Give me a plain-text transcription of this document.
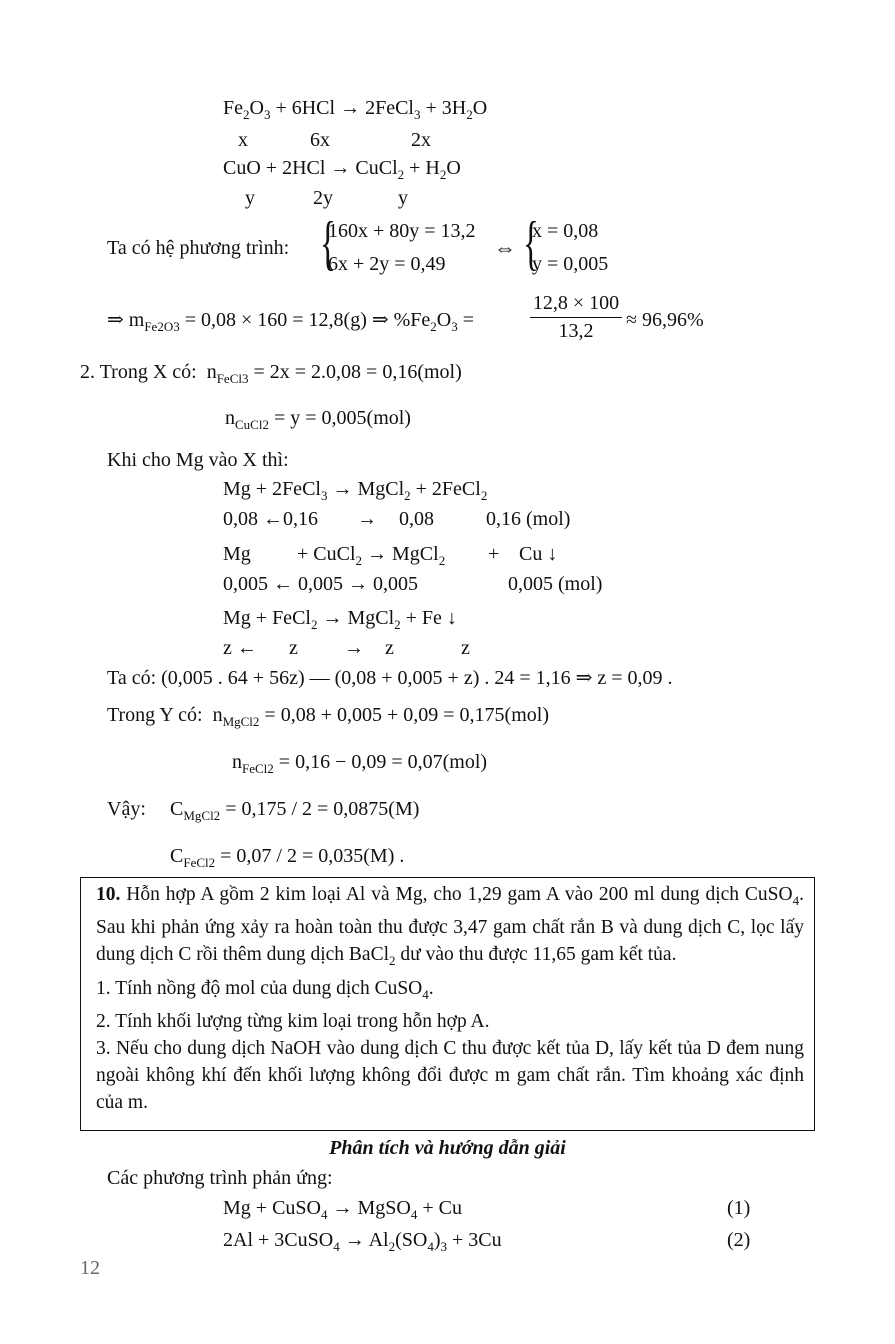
$Fe_2O_3 + 6HCl$ → 2FeCl$_3$ + $3H_2O$
x	6x	2x
CuO + 2HCl → CuCl$_2$ + $H_2O$
y	2y	y
Ta có hệ phương trình: {
160x + 80y = 13,2
6x + 2y = 0,49
⇔ {
x = 0,08
y = 0,005
⇒ $m_{Fe2O3} = 0,08 \times 160 = 12,8(g)$ ⇒ $\%Fe_2O_3$ =
12,8 × 100
13,2	≈ 96,96%
2. Trong X có: $n_{FeCl3} = 2x = 2.0,08 = 0,16(mol)$
$n_{CuCl2} = y = 0,005(mol)$
Khi cho Mg vào X thì:
Mg + 2FeCl$_3$ → MgCl$_2$ + 2FeCl$_2$
0,08 ←0,16 → 0,08	0,16 (mol)
Mg + CuCl$_2$ → MgCl$_2$ + Cu ↓
0,005 ← 0,005 → 0,005	0,005 (mol)
Mg + FeCl$_2$ → MgCl$_2$ + Fe ↓
z ← z → z	z
Ta có: (0,005 . 64 + 56z) — (0,08 + 0,005 + z) . 24 = 1,16 ⇒ z = 0,09 .
Trong Y có: $n_{MgCl2} = 0,08 + 0,005 + 0,09 = 0,175(mol)$
$n_{FeCl2} = 0,16 - 0,09 = 0,07(mol)$
Vậy: $C_{MgCl2} = 0,175 / 2 = 0,0875(M)$
$C_{FeCl2} = 0,07 / 2 = 0,035(M)$ .

10. Hỗn hợp A gồm 2 kim loại Al và Mg, cho 1,29 gam A vào 200 ml dung dịch CuSO$_4$. Sau khi phản ứng xảy ra hoàn toàn thu được 3,47 gam chất rắn B và dung dịch C, lọc lấy dung dịch C rồi thêm dung dịch BaCl$_2$ dư vào thu được 11,65 gam kết tủa.

1. Tính nồng độ mol của dung dịch CuSO$_4$.

2. Tính khối lượng từng kim loại trong hỗn hợp A.

3. Nếu cho dung dịch NaOH vào dung dịch C thu được kết tủa D, lấy kết tủa D đem nung ngoài không khí đến khối lượng không đổi được m gam chất rắn. Tìm khoảng xác định của m.

Phân tích và hướng dẫn giải
Các phương trình phản ứng:
Mg + CuSO$_4$ → MgSO$_4$ + Cu	(1)
2Al + 3CuSO$_4$ → $Al_2(SO_4)_3 + 3Cu$	(2)
12
